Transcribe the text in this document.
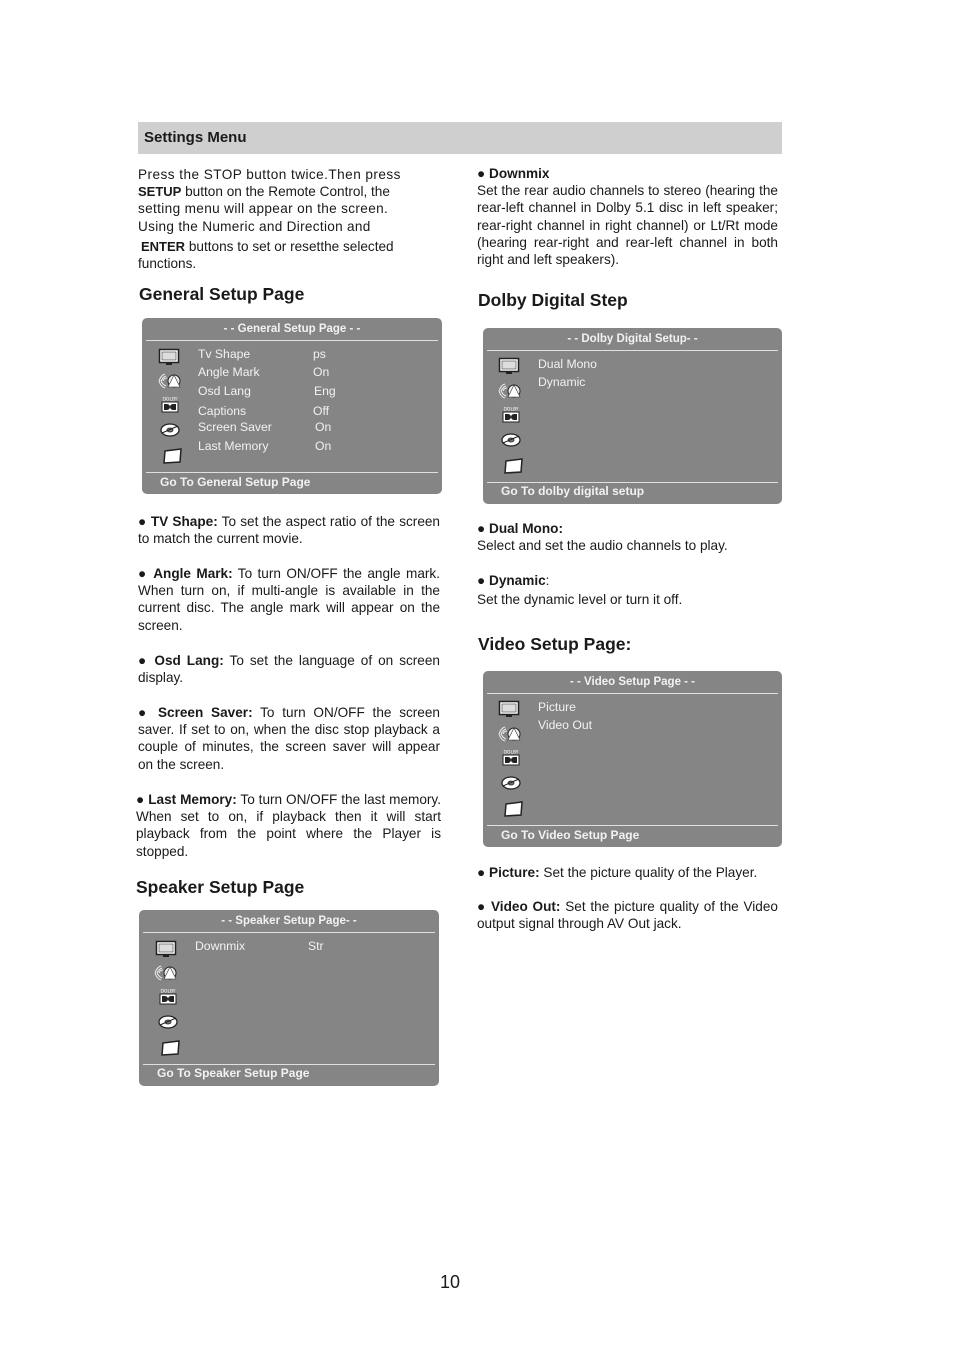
Settings Menu
Press the STOP button twice.Then press
SETUP button on the Remote Control, the
setting menu will appear on the screen.
Using the Numeric and Direction and
ENTER buttons to set or resetthe selected
functions.
General Setup Page
- - General Setup Page - -
Go To General Setup Page
Tv Shape	ps
Angle Mark	On
Osd Lang	Eng
Captions	Off
Screen Saver	On
Last Memory	On
DOLBY
● TV Shape: To set the aspect ratio of the screen to match the current movie.
● Angle Mark: To turn ON/OFF the angle mark. When turn on, if multi-angle is available in the current disc. The angle mark will appear on the screen.
● Osd Lang: To set the language of on screen display.
● Screen Saver: To turn ON/OFF the screen saver. If set to on, when the disc stop playback a couple of minutes, the screen saver will appear on the screen.
● Last Memory: To turn ON/OFF the last memory. When set to on, if playback then it will start playback from the point where the Player is stopped.
Speaker Setup Page
- - Speaker Setup Page- -
Go To Speaker Setup Page
Downmix	Str
DOLBY
● Downmix
Set the rear audio channels to stereo (hearing the rear-left channel in Dolby 5.1 disc in left speaker; rear-right channel in right channel) or Lt/Rt mode (hearing rear-right and rear-left channel in both right and left speakers).
Dolby Digital Step
- - Dolby Digital Setup- -
Go To dolby digital setup
Dual Mono
Dynamic
DOLBY
● Dual Mono:
Select and set the audio channels to play.
● Dynamic:
Set the dynamic level or turn it off.
Video Setup Page:
- - Video Setup Page - -
Go To Video Setup Page
Picture
Video Out
DOLBY
● Picture: Set the picture quality of the Player.
● Video Out: Set the picture quality of the Video output signal through AV Out jack.
10
